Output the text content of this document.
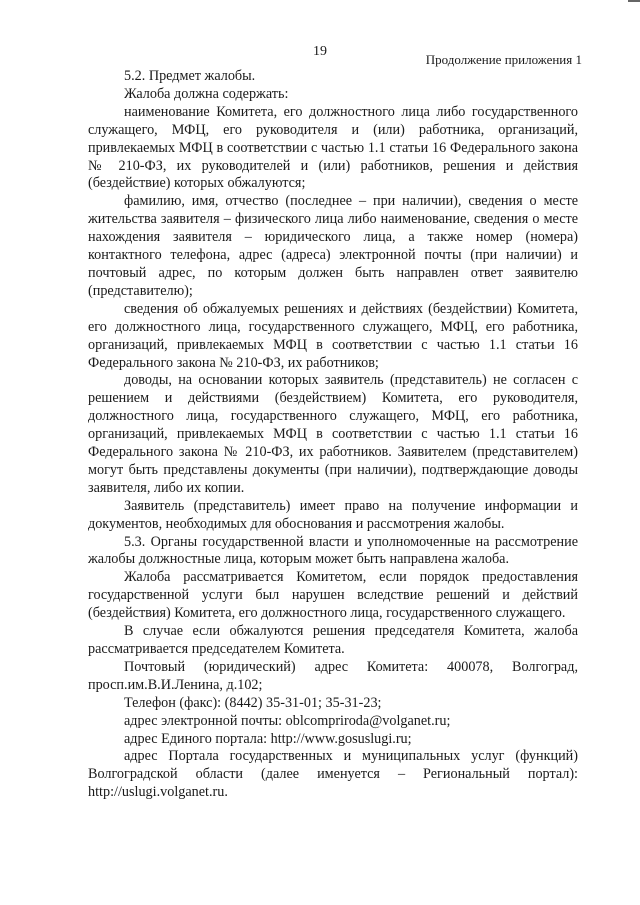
19
Продолжение приложения 1

5.2. Предмет жалобы.

Жалоба должна содержать:

наименование Комитета, его должностного лица либо государственного служащего, МФЦ, его руководителя и (или) работника, организаций, привлекаемых МФЦ в соответствии с частью 1.1 статьи 16 Федерального закона № 210-ФЗ, их руководителей и (или) работников, решения и действия (бездействие) которых обжалуются;

фамилию, имя, отчество (последнее – при наличии), сведения о месте жительства заявителя – физического лица либо наименование, сведения о месте нахождения заявителя – юридического лица, а также номер (номера) контактного телефона, адрес (адреса) электронной почты (при наличии) и почтовый адрес, по которым должен быть направлен ответ заявителю (представителю);

сведения об обжалуемых решениях и действиях (бездействии) Комитета, его должностного лица, государственного служащего, МФЦ, его работника, организаций, привлекаемых МФЦ в соответствии с частью 1.1 статьи 16 Федерального закона № 210-ФЗ, их работников;

доводы, на основании которых заявитель (представитель) не согласен с решением и действиями (бездействием) Комитета, его руководителя, должностного лица, государственного служащего, МФЦ, его работника, организаций, привлекаемых МФЦ в соответствии с частью 1.1 статьи 16 Федерального закона № 210-ФЗ, их работников. Заявителем (представителем) могут быть представлены документы (при наличии), подтверждающие доводы заявителя, либо их копии.

Заявитель (представитель) имеет право на получение информации и документов, необходимых для обоснования и рассмотрения жалобы.

5.3. Органы государственной власти и уполномоченные на рассмотрение жалобы должностные лица, которым может быть направлена жалоба.

Жалоба рассматривается Комитетом, если порядок предоставления государственной услуги был нарушен вследствие решений и действий (бездействия) Комитета, его должностного лица, государственного служащего.

В случае если обжалуются решения председателя Комитета, жалоба рассматривается председателем Комитета.

Почтовый (юридический) адрес Комитета: 400078, Волгоград, просп.им.В.И.Ленина, д.102;

Телефон (факс): (8442) 35-31-01; 35-31-23;

адрес электронной почты: oblcompriroda@volganet.ru;

адрес Единого портала: http://www.gosuslugi.ru;

адрес Портала государственных и муниципальных услуг (функций) Волгоградской области (далее именуется – Региональный портал): http://uslugi.volganet.ru.
